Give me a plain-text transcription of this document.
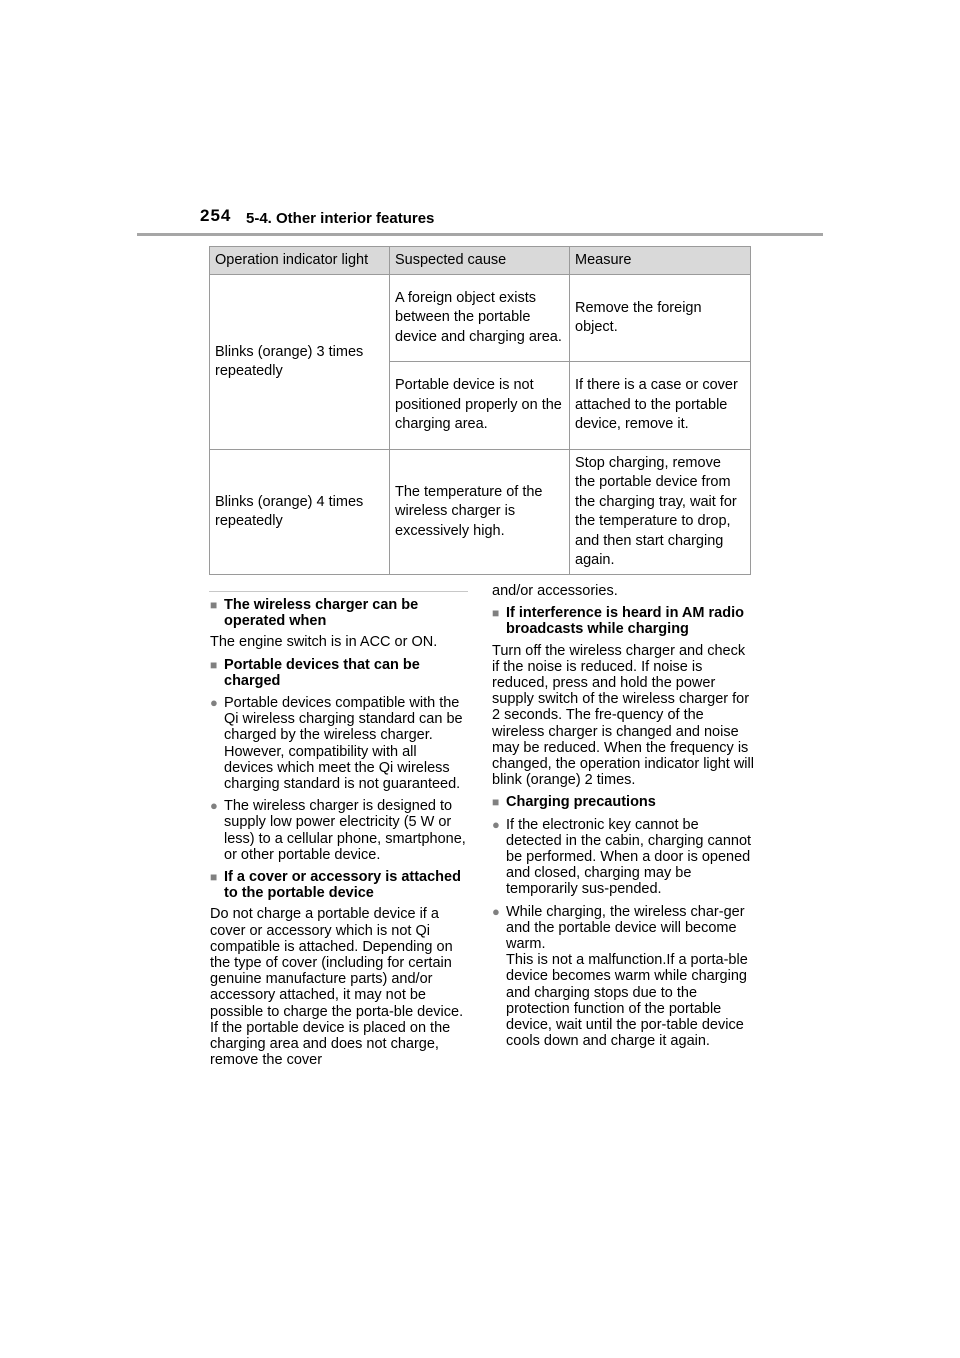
254 5-4. Other interior features
Operation indicator light	Suspected cause	Measure
Blinks (orange) 3 times repeatedly	A foreign object exists between the portable device and charging area.	Remove the foreign object.
	Portable device is not positioned properly on the charging area.	If there is a case or cover attached to the portable device, remove it.
Blinks (orange) 4 times repeatedly	The temperature of the wireless charger is excessively high.	Stop charging, remove the portable device from the charging tray, wait for the temperature to drop, and then start charging again.
■ The wireless charger can be operated when

The engine switch is in ACC or ON.

■ Portable devices that can be charged
● Portable devices compatible with the Qi wireless charging standard can be charged by the wireless charger. However, compatibility with all devices which meet the Qi wireless charging standard is not guaranteed.
● The wireless charger is designed to supply low power electricity (5 W or less) to a cellular phone, smartphone, or other portable device.
■ If a cover or accessory is attached to the portable device

Do not charge a portable device if a cover or accessory which is not Qi compatible is attached. Depending on the type of cover (including for certain genuine manufacture parts) and/or accessory attached, it may not be possible to charge the porta-ble device. If the portable device is placed on the charging area and does not charge, remove the cover

and/or accessories.

■ If interference is heard in AM radio broadcasts while charging

Turn off the wireless charger and check if the noise is reduced. If noise is reduced, press and hold the power supply switch of the wireless charger for 2 seconds. The fre-quency of the wireless charger is changed and noise may be reduced. When the frequency is changed, the operation indicator light will blink (orange) 2 times.

■ Charging precautions
● If the electronic key cannot be detected in the cabin, charging cannot be performed. When a door is opened and closed, charging may be temporarily sus-pended.
● While charging, the wireless char-ger and the portable device will become warm.
This is not a malfunction.If a porta-ble device becomes warm while charging and charging stops due to the protection function of the portable device, wait until the por-table device cools down and charge it again.
